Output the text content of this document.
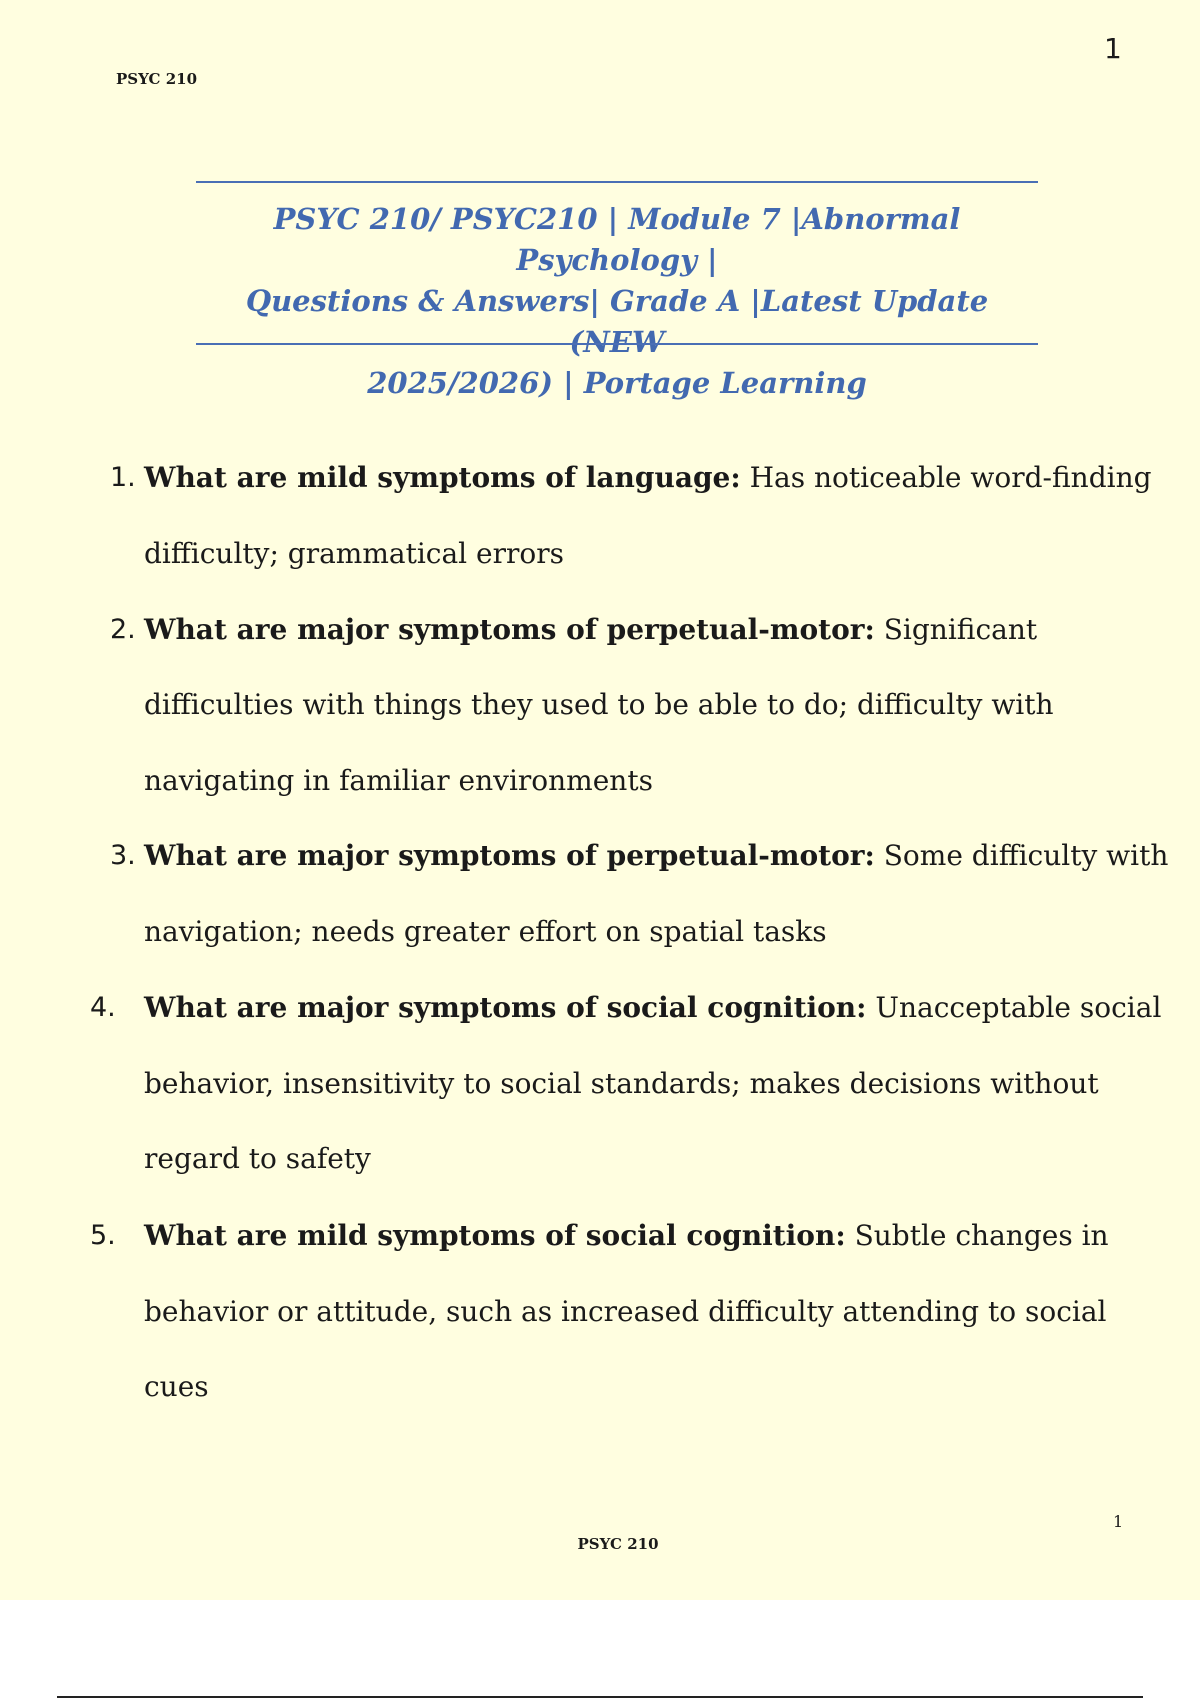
PSYC 210
1
PSYC 210/ PSYC210 | Module 7 |Abnormal Psychology |
Questions & Answers| Grade A |Latest Update (NEW
2025/2026) | Portage Learning
1. What are mild symptoms of language: Has noticeable word-finding
difficulty; grammatical errors
2. What are major symptoms of perpetual-motor: Significant
difficulties with things they used to be able to do; difficulty with
navigating in familiar environments
3. What are major symptoms of perpetual-motor: Some difficulty with
navigation; needs greater effort on spatial tasks
4. What are major symptoms of social cognition: Unacceptable social
behavior, insensitivity to social standards; makes decisions without
regard to safety
5. What are mild symptoms of social cognition: Subtle changes in
behavior or attitude, such as increased difficulty attending to social
cues
1
PSYC 210
